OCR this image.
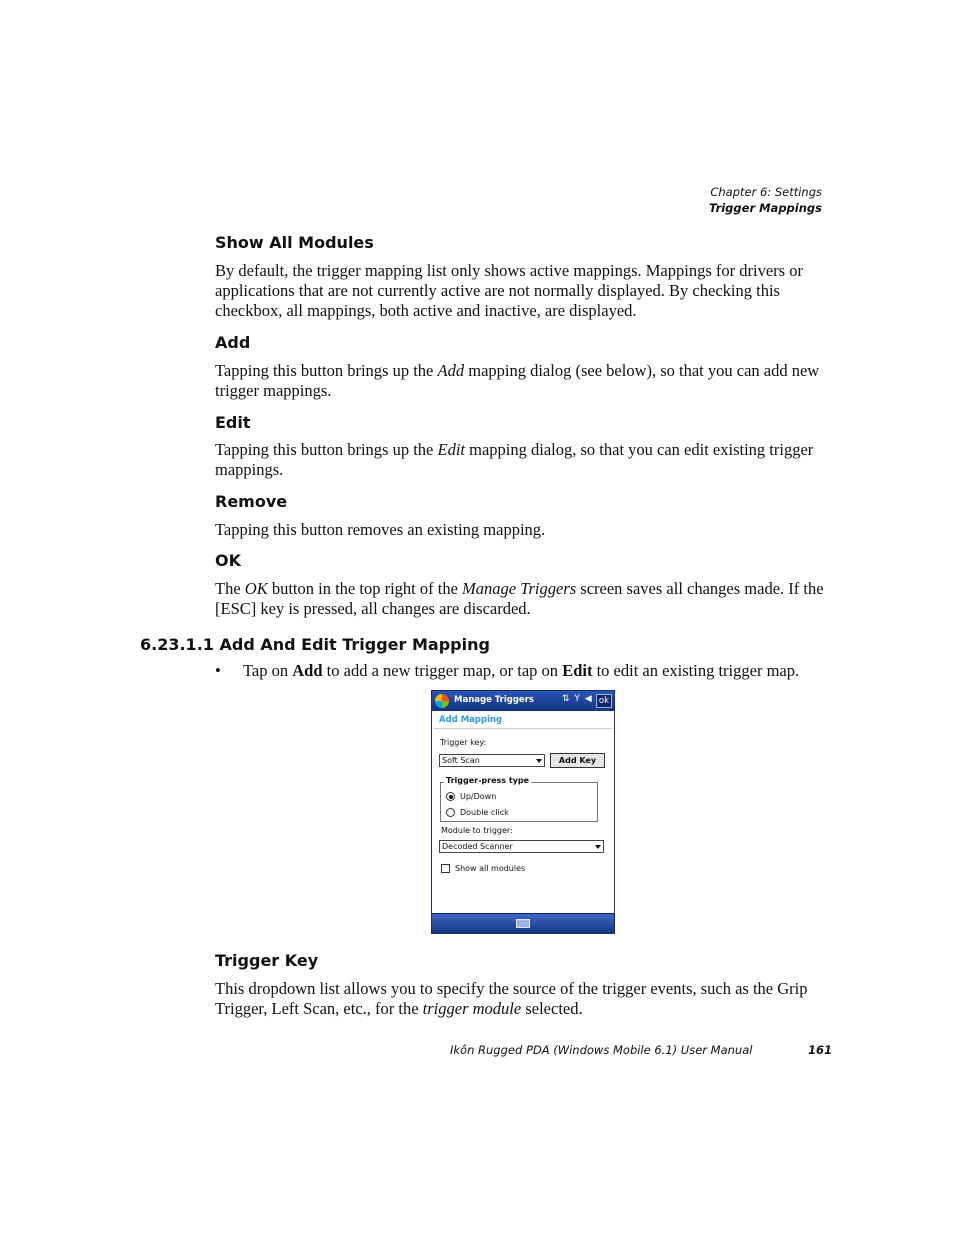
Chapter 6: Settings
Trigger Mappings
Show All Modules

By default, the trigger mapping list only shows active mappings. Mappings for drivers or applications that are not currently active are not normally displayed. By checking this checkbox, all mappings, both active and inactive, are displayed.

Add

Tapping this button brings up the Add mapping dialog (see below), so that you can add new trigger mappings.

Edit

Tapping this button brings up the Edit mapping dialog, so that you can edit existing trigger mappings.

Remove

Tapping this button removes an existing mapping.

OK

The OK button in the top right of the Manage Triggers screen saves all changes made. If the [ESC] key is pressed, all changes are discarded.

6.23.1.1 Add And Edit Trigger Mapping
• Tap on Add to add a new trigger map, or tap on Edit to edit an existing trigger map.
Manage Triggers	⇅ Y ◀ ok
Add Mapping
Trigger key:
Soft Scan	Add Key
Trigger-press type
Up/Down
Double click
Module to trigger:
Decoded Scanner
Show all modules
Trigger Key

This dropdown list allows you to specify the source of the trigger events, such as the Grip Trigger, Left Scan, etc., for the trigger module selected.

Ikôn Rugged PDA (Windows Mobile 6.1) User Manual	161
